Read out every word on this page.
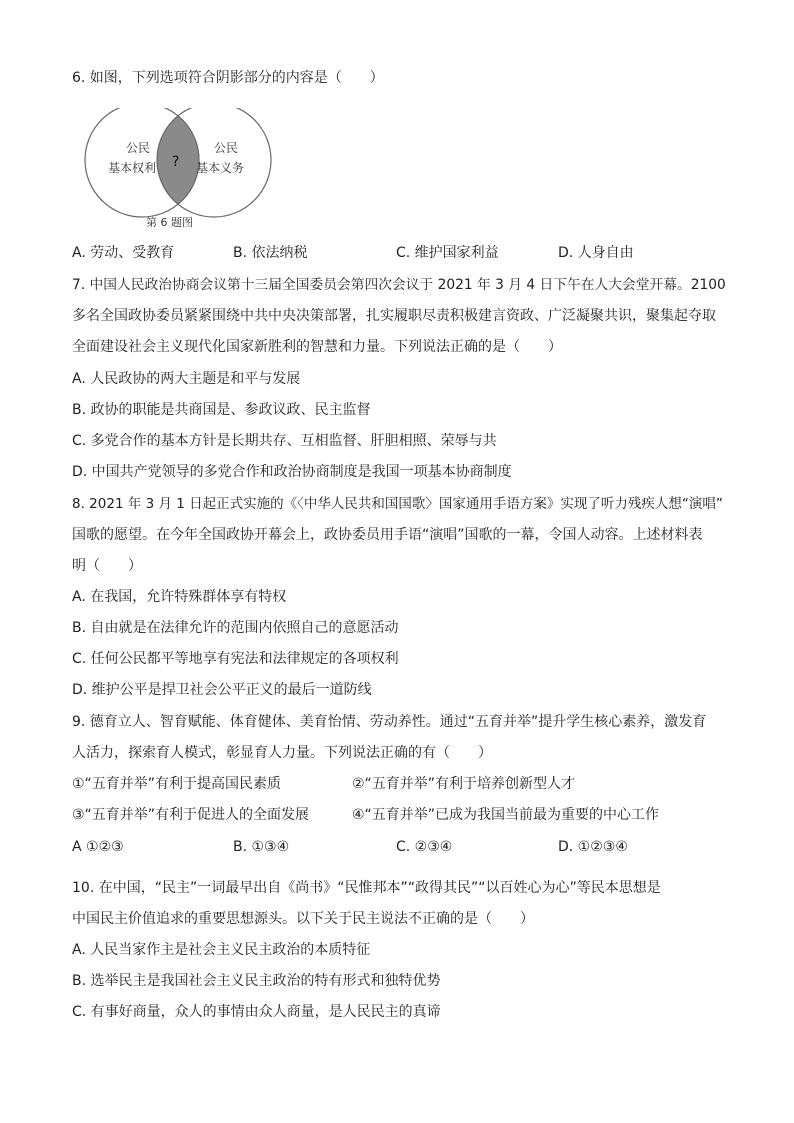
6. 如图，下列选项符合阴影部分的内容是（　　）
公民
基本权利
公民
基本义务
?
第 6 题图
A. 劳动、受教育	B. 依法纳税	C. 维护国家利益	D. 人身自由
7. 中国人民政治协商会议第十三届全国委员会第四次会议于 2021 年 3 月 4 日下午在人大会堂开幕。2100
多名全国政协委员紧紧围绕中共中央决策部署，扎实履职尽责积极建言资政、广泛凝聚共识，聚集起夺取
全面建设社会主义现代化国家新胜利的智慧和力量。下列说法正确的是（　　）
A. 人民政协的两大主题是和平与发展
B. 政协的职能是共商国是、参政议政、民主监督
C. 多党合作的基本方针是长期共存、互相监督、肝胆相照、荣辱与共
D. 中国共产党领导的多党合作和政治协商制度是我国一项基本协商制度
8. 2021 年 3 月 1 日起正式实施的《〈中华人民共和国国歌〉国家通用手语方案》实现了听力残疾人想“演唱”
国歌的愿望。在今年全国政协开幕会上，政协委员用手语“演唱”国歌的一幕，令国人动容。上述材料表
明（　　）
A. 在我国，允许特殊群体享有特权
B. 自由就是在法律允许的范围内依照自己的意愿活动
C. 任何公民都平等地享有宪法和法律规定的各项权利
D. 维护公平是捍卫社会公平正义的最后一道防线
9. 德育立人、智育赋能、体育健体、美育怡情、劳动养性。通过“五育并举”提升学生核心素养，激发育
人活力，探索育人模式，彰显育人力量。下列说法正确的有（　　）
①“五育并举”有利于提高国民素质	②“五育并举”有利于培养创新型人才
③“五育并举”有利于促进人的全面发展	④“五育并举”已成为我国当前最为重要的中心工作
A ①②③	B. ①③④	C. ②③④	D. ①②③④
10. 在中国，“民主”一词最早出自《尚书》“民惟邦本”“政得其民”“以百姓心为心”等民本思想是
中国民主价值追求的重要思想源头。以下关于民主说法不正确的是（　　）
A. 人民当家作主是社会主义民主政治的本质特征
B. 选举民主是我国社会主义民主政治的特有形式和独特优势
C. 有事好商量，众人的事情由众人商量，是人民民主的真谛
